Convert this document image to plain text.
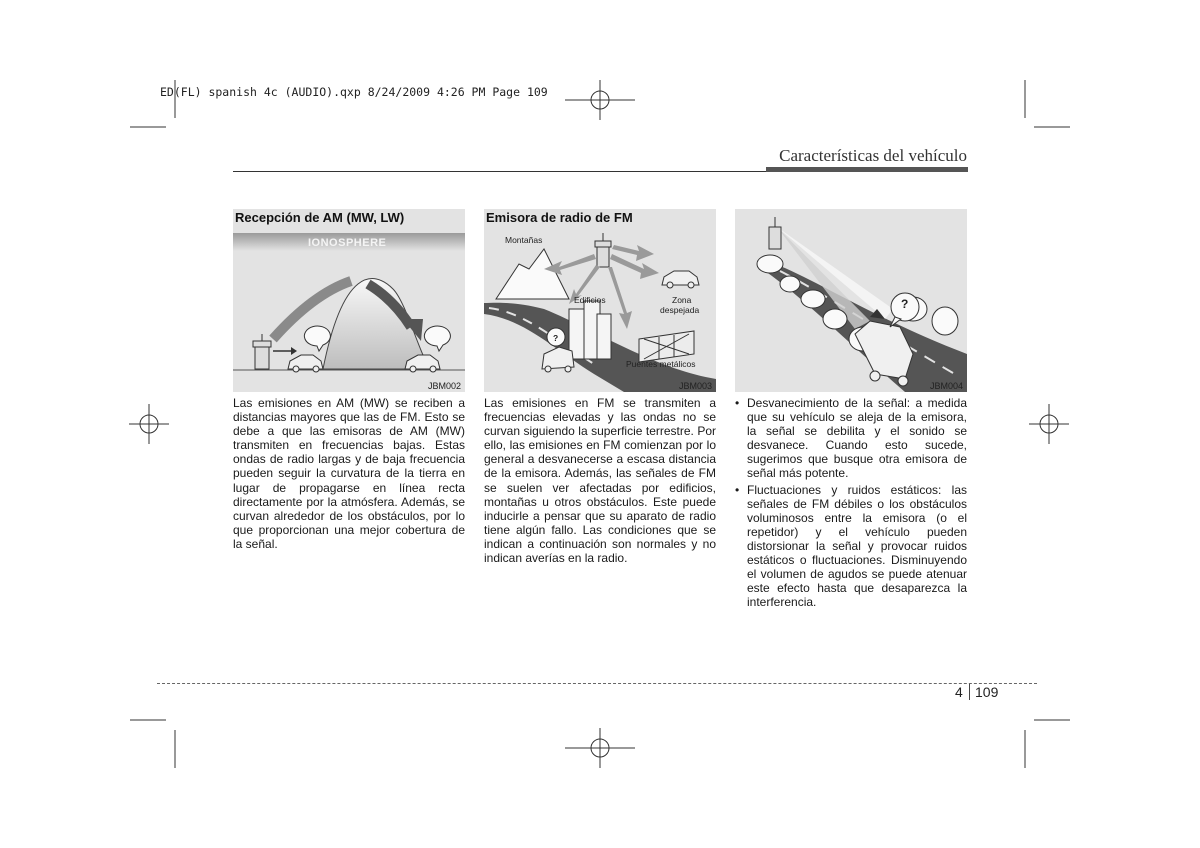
ED(FL) spanish 4c (AUDIO).qxp 8/24/2009 4:26 PM Page 109
Características del vehículo
Recepción de AM (MW, LW)
IONOSPHERE
JBM002
Emisora de radio de FM
Montañas
Edificios	Zona
despejada
Puentes metálicos
?
JBM003
?
JBM004
Las emisiones en AM (MW) se reciben a distancias mayores que las de FM. Esto se debe a que las emisoras de AM (MW) transmiten en frecuencias bajas. Estas ondas de radio largas y de baja frecuencia pueden seguir la curvatura de la tierra en lugar de propagarse en línea recta directamente por la atmósfera. Además, se curvan alrededor de los obstáculos, por lo que proporcionan una mejor cobertura de la señal.
Las emisiones en FM se transmiten a frecuencias elevadas y las ondas no se curvan siguiendo la superficie terrestre. Por ello, las emisiones en FM comienzan por lo general a desvanecerse a escasa distancia de la emisora. Además, las señales de FM se suelen ver afectadas por edificios, montañas u otros obstáculos. Este puede inducirle a pensar que su aparato de radio tiene algún fallo. Las condiciones que se indican a continuación son normales y no indican averías en la radio.
• Desvanecimiento de la señal: a medida que su vehículo se aleja de la emisora, la señal se debilita y el sonido se desvanece. Cuando esto sucede, sugerimos que busque otra emisora de señal más potente.
• Fluctuaciones y ruidos estáticos: las señales de FM débiles o los obstáculos voluminosos entre la emisora (o el repetidor) y el vehículo pueden distorsionar la señal y provocar ruidos estáticos o fluctuaciones. Disminuyendo el volumen de agudos se puede atenuar este efecto hasta que desaparezca la interferencia.
4 109
